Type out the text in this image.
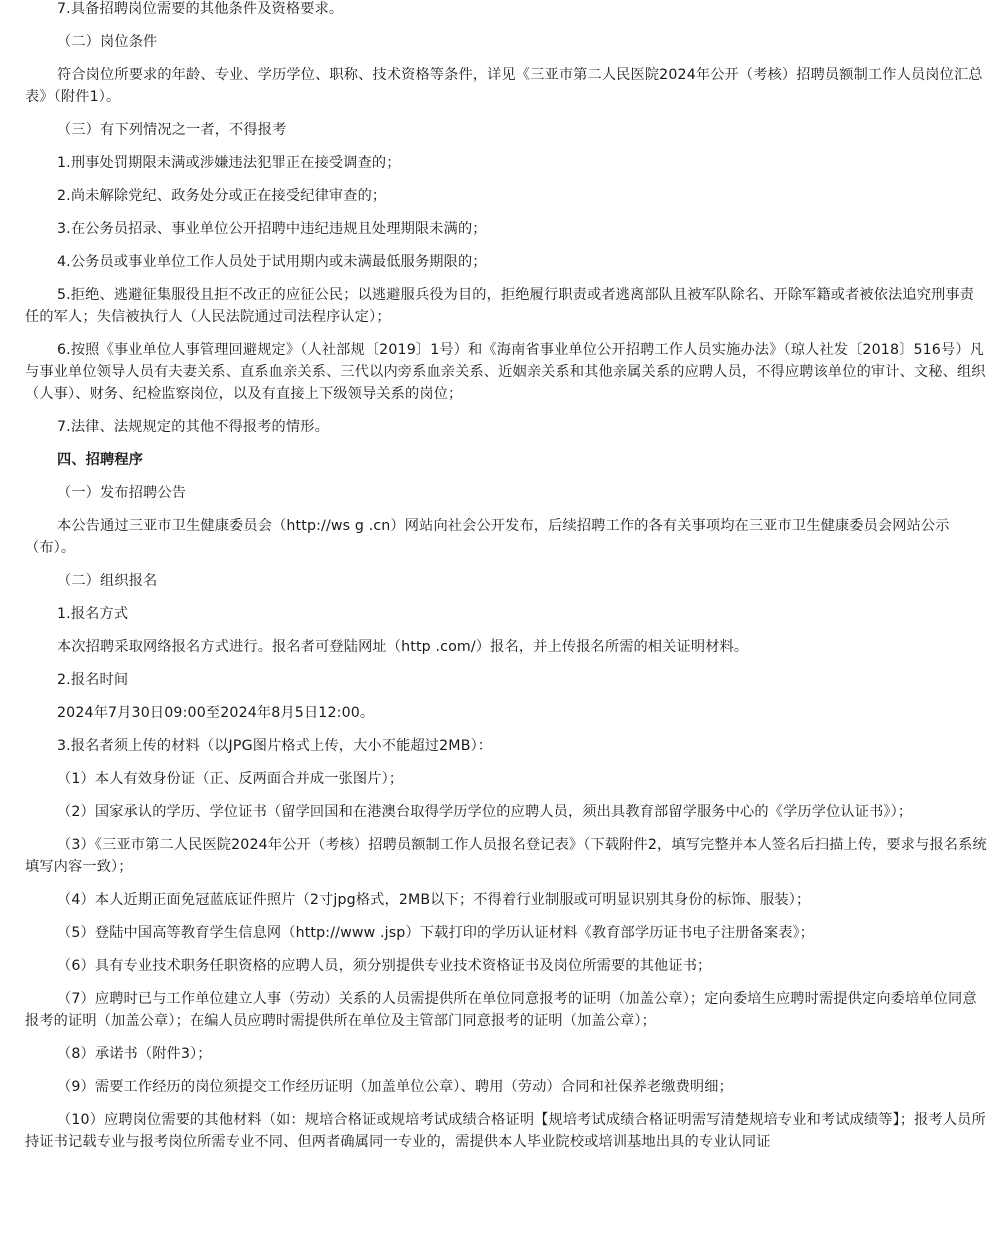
7.具备招聘岗位需要的其他条件及资格要求。

（二）岗位条件

符合岗位所要求的年龄、专业、学历学位、职称、技术资格等条件，详见《三亚市第二人民医院2024年公开（考核）招聘员额制工作人员岗位汇总表》（附件1）。

（三）有下列情况之一者，不得报考

1.刑事处罚期限未满或涉嫌违法犯罪正在接受调查的；

2.尚未解除党纪、政务处分或正在接受纪律审查的；

3.在公务员招录、事业单位公开招聘中违纪违规且处理期限未满的；

4.公务员或事业单位工作人员处于试用期内或未满最低服务期限的；

5.拒绝、逃避征集服役且拒不改正的应征公民；以逃避服兵役为目的，拒绝履行职责或者逃离部队且被军队除名、开除军籍或者被依法追究刑事责任的军人；失信被执行人（人民法院通过司法程序认定）；

6.按照《事业单位人事管理回避规定》（人社部规〔2019〕1号）和《海南省事业单位公开招聘工作人员实施办法》（琼人社发〔2018〕516号）凡与事业单位领导人员有夫妻关系、直系血亲关系、三代以内旁系血亲关系、近姻亲关系和其他亲属关系的应聘人员，不得应聘该单位的审计、文秘、组织（人事）、财务、纪检监察岗位，以及有直接上下级领导关系的岗位；

7.法律、法规规定的其他不得报考的情形。

四、招聘程序

（一）发布招聘公告

本公告通过三亚市卫生健康委员会（http://ws g .cn）网站向社会公开发布，后续招聘工作的各有关事项均在三亚市卫生健康委员会网站公示（布）。

（二）组织报名

1.报名方式

本次招聘采取网络报名方式进行。报名者可登陆网址（http .com/）报名，并上传报名所需的相关证明材料。

2.报名时间

2024年7月30日09:00至2024年8月5日12:00。

3.报名者须上传的材料（以JPG图片格式上传，大小不能超过2MB）：

（1）本人有效身份证（正、反两面合并成一张图片）；

（2）国家承认的学历、学位证书（留学回国和在港澳台取得学历学位的应聘人员，须出具教育部留学服务中心的《学历学位认证书》）；

（3）《三亚市第二人民医院2024年公开（考核）招聘员额制工作人员报名登记表》（下载附件2，填写完整并本人签名后扫描上传，要求与报名系统填写内容一致）；

（4）本人近期正面免冠蓝底证件照片（2寸jpg格式，2MB以下；不得着行业制服或可明显识别其身份的标饰、服装）；

（5）登陆中国高等教育学生信息网（http://www .jsp）下载打印的学历认证材料《教育部学历证书电子注册备案表》；

（6）具有专业技术职务任职资格的应聘人员，须分别提供专业技术资格证书及岗位所需要的其他证书；

（7）应聘时已与工作单位建立人事（劳动）关系的人员需提供所在单位同意报考的证明（加盖公章）；定向委培生应聘时需提供定向委培单位同意报考的证明（加盖公章）；在编人员应聘时需提供所在单位及主管部门同意报考的证明（加盖公章）；

（8）承诺书（附件3）；

（9）需要工作经历的岗位须提交工作经历证明（加盖单位公章）、聘用（劳动）合同和社保养老缴费明细；

（10）应聘岗位需要的其他材料（如：规培合格证或规培考试成绩合格证明【规培考试成绩合格证明需写清楚规培专业和考试成绩等】；报考人员所持证书记载专业与报考岗位所需专业不同、但两者确属同一专业的，需提供本人毕业院校或培训基地出具的专业认同证
